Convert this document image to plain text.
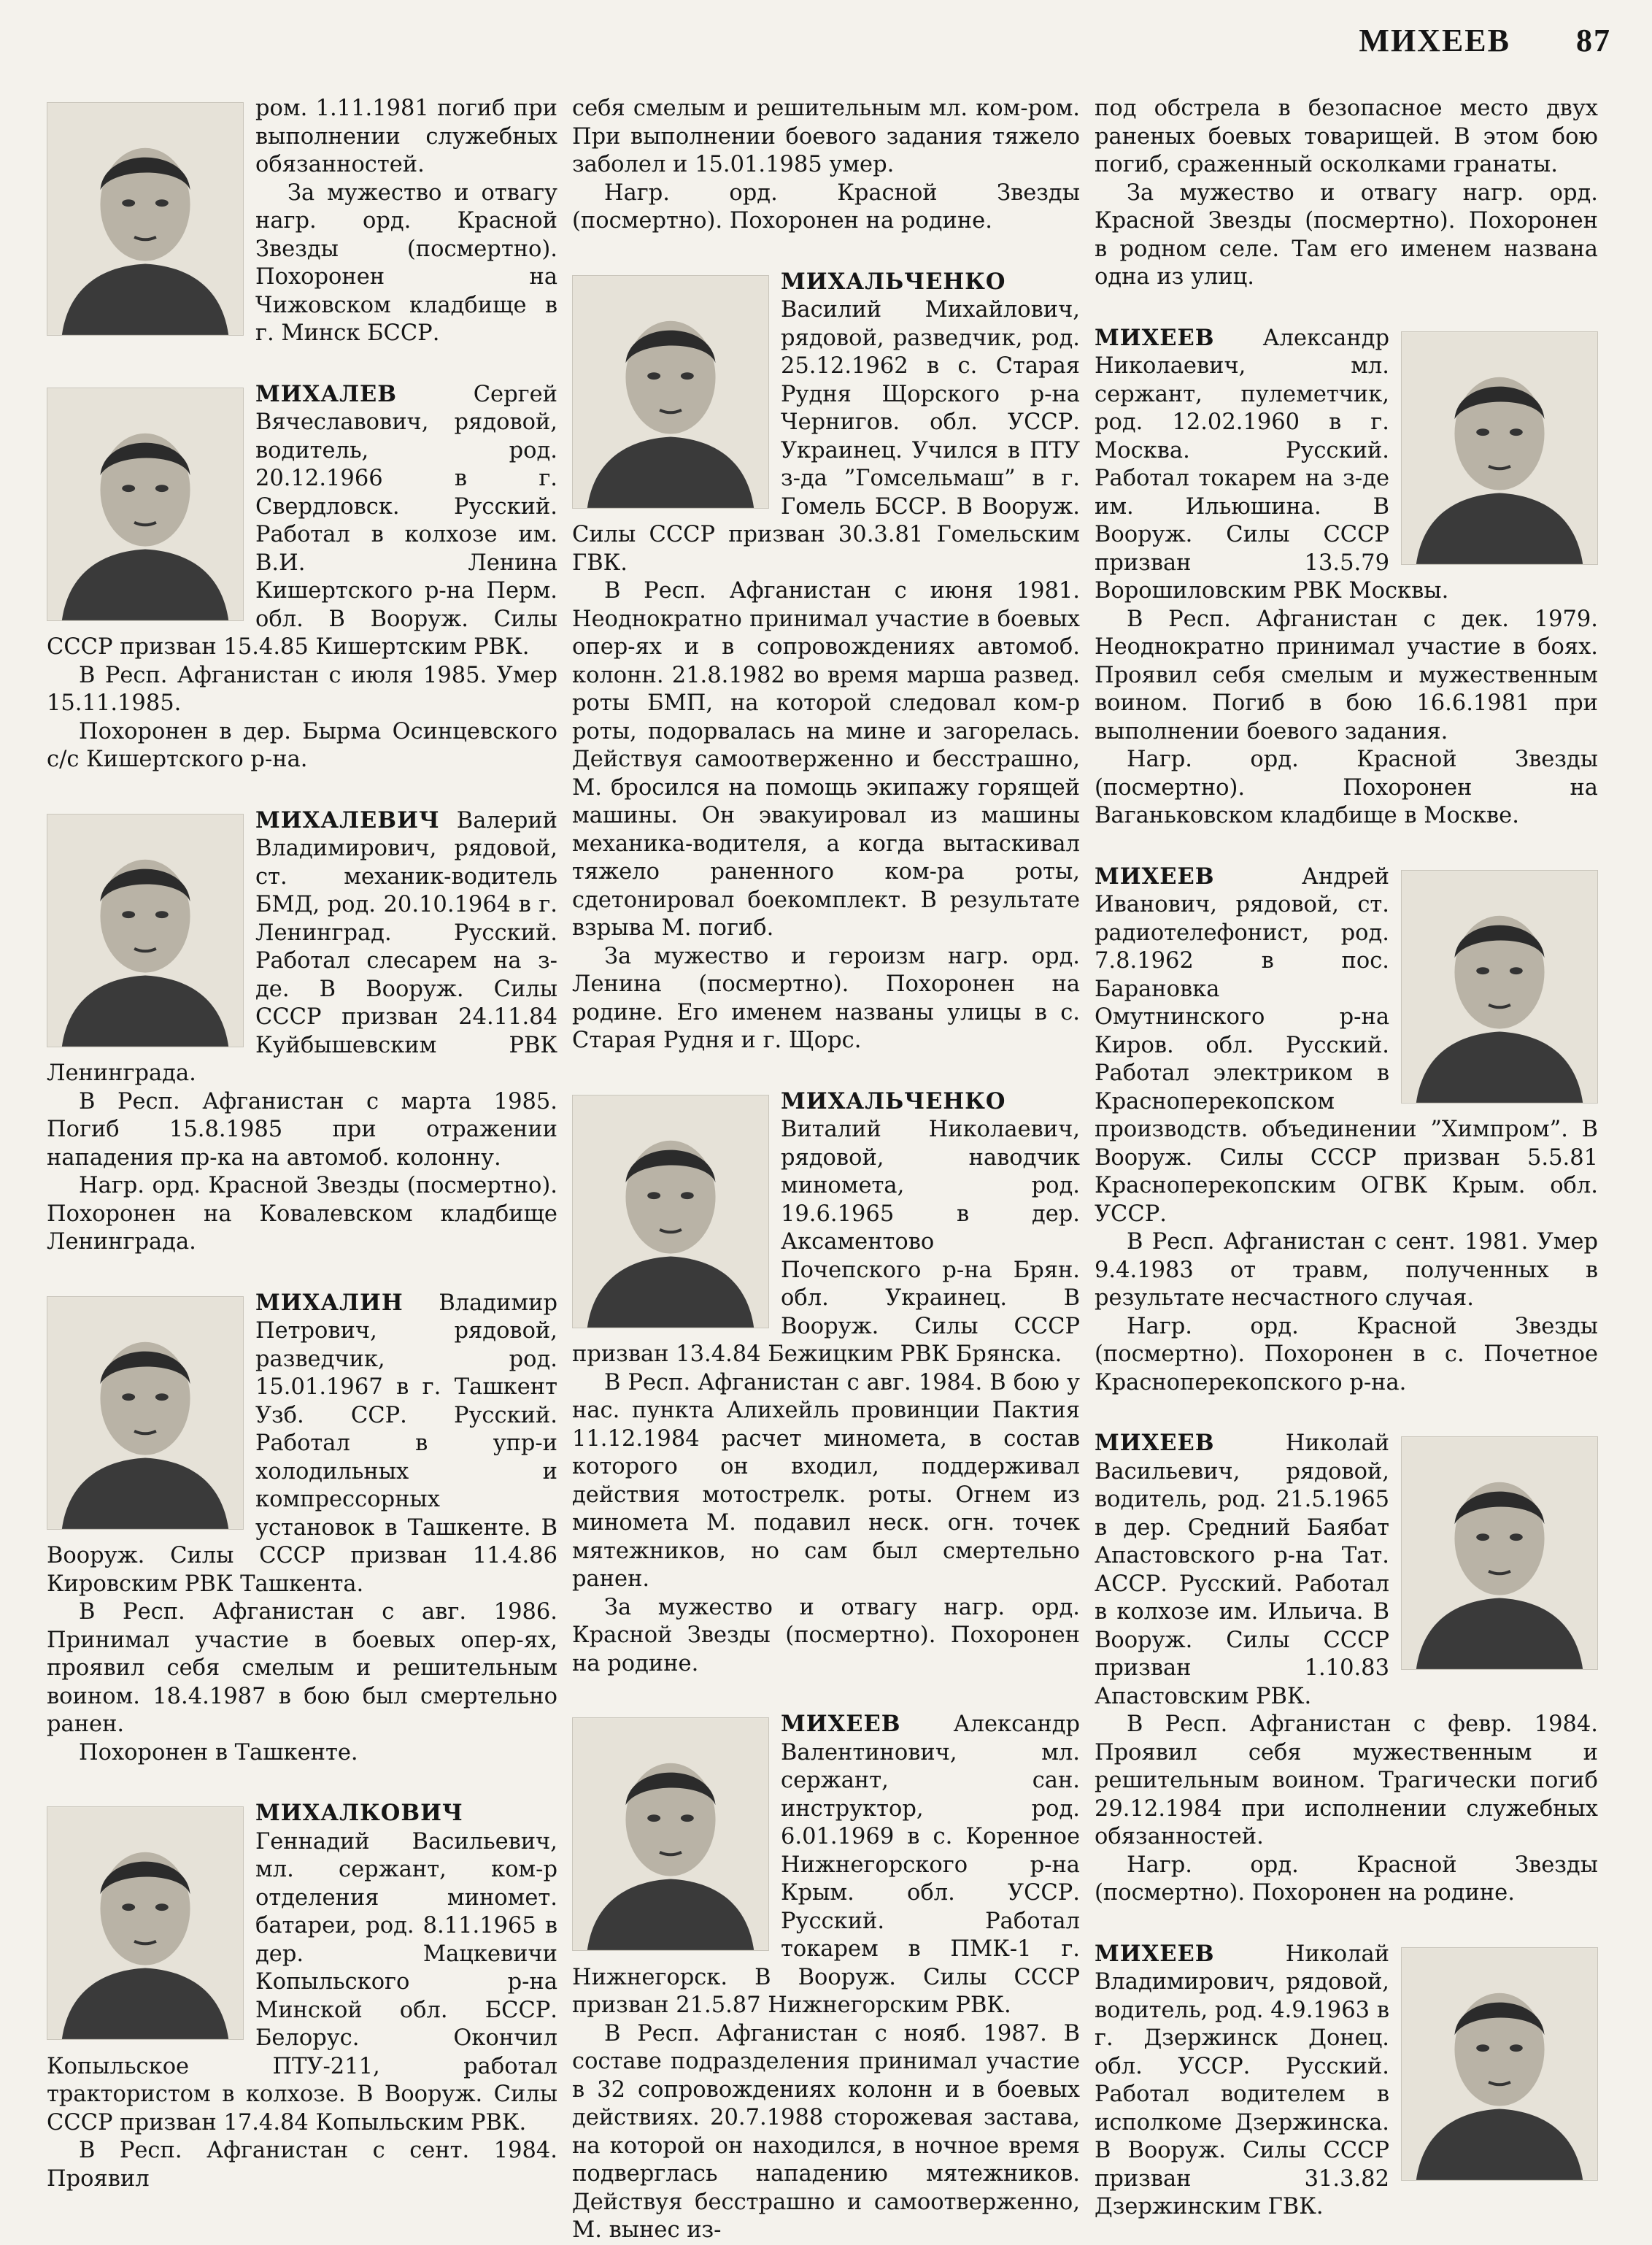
МИХЕЕВ 87

ром. 1.11.1981 погиб при выполнении служебных обязанностей.

За мужество и отвагу нагр. орд. Красной Звезды (посмертно). Похоронен на Чижовском кладбище в г. Минск БССР.

МИХАЛЕВ	Сергей Вячеславович, рядовой, водитель, род. 20.12.1966 в г. Свердловск. Русский. Работал в колхозе им. В.И. Ленина Кишертского р-на Перм. обл. В Вооруж. Силы СССР призван 15.4.85 Кишертским РВК.

В Респ. Афганистан с июля 1985. Умер 15.11.1985.

Похоронен в дер. Бырма Осинцевского с/с Кишертского р-на.

МИХАЛЕВИЧ Валерий Владимирович, рядовой, ст. механик-водитель БМД, род. 20.10.1964 в г. Ленинград. Русский. Работал слесарем на з-де. В Вооруж. Силы СССР призван 24.11.84 Куйбышевским РВК Ленинграда.

В Респ. Афганистан с марта 1985. Погиб 15.8.1985 при отражении нападения пр-ка на автомоб. колонну.

Нагр. орд. Красной Звезды (посмертно). Похоронен на Ковалевском кладбище Ленинграда.

МИХАЛИН Владимир Петрович, рядовой, разведчик, род. 15.01.1967 в г. Ташкент Узб. ССР. Русский. Работал в упр-и холодильных и компрессорных установок в Ташкенте. В Вооруж. Силы СССР призван 11.4.86 Кировским РВК Ташкента.

В Респ. Афганистан с авг. 1986. Принимал участие в боевых опер-ях, проявил себя смелым и решительным воином. 18.4.1987 в бою был смертельно ранен.

Похоронен в Ташкенте.

МИХАЛКОВИЧ Геннадий Васильевич, мл. сержант, ком-р отделения миномет. батареи, род. 8.11.1965 в дер. Мацкевичи Копыльского р-на Минской обл. БССР. Белорус. Окончил Копыльское ПТУ-211, работал трактористом в колхозе. В Вооруж. Силы СССР призван 17.4.84 Копыльским РВК.

В Респ. Афганистан с сент. 1984. Проявил

себя смелым и решительным мл. ком-ром. При выполнении боевого задания тяжело заболел и 15.01.1985 умер.

Нагр. орд. Красной Звезды (посмертно). Похоронен на родине.

МИХАЛЬЧЕНКО Василий Михайлович, рядовой, разведчик, род. 25.12.1962 в с. Старая Рудня Щорского р-на Чернигов. обл. УССР. Украинец. Учился в ПТУ з-да ”Гомсельмаш” в г. Гомель БССР. В Вооруж. Силы СССР призван 30.3.81 Гомельским ГВК.

В Респ. Афганистан с июня 1981. Неоднократно принимал участие в боевых опер-ях и в сопровождениях автомоб. колонн. 21.8.1982 во время марша развед. роты БМП, на которой следовал ком-р роты, подорвалась на мине и загорелась. Действуя самоотверженно и бесстрашно, М. бросился на помощь экипажу горящей машины. Он эвакуировал из машины механика-водителя, а когда вытаскивал тяжело раненного ком-ра роты, сдетонировал боекомплект. В результате взрыва М. погиб.

За мужество и героизм нагр. орд. Ленина (посмертно). Похоронен на родине. Его именем названы улицы в с. Старая Рудня и г. Щорс.

МИХАЛЬЧЕНКО Виталий Николаевич, рядовой, наводчик миномета, род. 19.6.1965 в дер. Аксаментово Почепского р-на Брян. обл. Украинец. В Вооруж. Силы СССР призван 13.4.84 Бежицким РВК Брянска.

В Респ. Афганистан с авг. 1984. В бою у нас. пункта Алихейль провинции Пактия 11.12.1984 расчет миномета, в состав которого он входил, поддерживал действия мотострелк. роты. Огнем из миномета М. подавил неск. огн. точек мятежников, но сам был смертельно ранен.

За мужество и отвагу нагр. орд. Красной Звезды (посмертно). Похоронен на родине.

МИХЕЕВ Александр Валентинович, мл. сержант, сан. инструктор, род. 6.01.1969 в с. Коренное Нижнегорского р-на Крым. обл. УССР. Русский. Работал токарем в ПМК-1 г. Нижнегорск. В Вооруж. Силы СССР призван 21.5.87 Нижнегорским РВК.

В Респ. Афганистан с нояб. 1987. В составе подразделения принимал участие в 32 сопровождениях колонн и в боевых действиях. 20.7.1988 сторожевая застава, на которой он находился, в ночное время подверглась нападению мятежников. Действуя бесстрашно и самоотверженно, М. вынес из-

под обстрела в безопасное место двух раненых боевых товарищей. В этом бою погиб, сраженный осколками гранаты.

За мужество и отвагу нагр. орд. Красной Звезды (посмертно). Похоронен в родном селе. Там его именем названа одна из улиц.

МИХЕЕВ Александр Николаевич, мл. сержант, пулеметчик, род. 12.02.1960 в г. Москва. Русский. Работал токарем на з-де им. Ильюшина. В Вооруж. Силы СССР призван 13.5.79 Ворошиловским РВК Москвы.

В Респ. Афганистан с дек. 1979. Неоднократно принимал участие в боях. Проявил себя смелым и мужественным воином. Погиб в бою 16.6.1981 при выполнении боевого задания.

Нагр. орд. Красной Звезды (посмертно). Похоронен на Ваганьковском кладбище в Москве.

МИХЕЕВ	Андрей Иванович, рядовой, ст. радиотелефонист, род. 7.8.1962 в пос. Барановка Омутнинского р-на Киров. обл. Русский. Работал электриком в Красноперекопском производств. объединении ”Химпром”. В Вооруж. Силы СССР призван 5.5.81 Красноперекопским ОГВК Крым. обл. УССР.

В Респ. Афганистан с сент. 1981. Умер 9.4.1983 от травм, полученных в результате несчастного случая.

Нагр. орд. Красной Звезды (посмертно). Похоронен в с. Почетное Красноперекопского р-на.

МИХЕЕВ	Николай Васильевич, рядовой, водитель, род. 21.5.1965 в дер. Средний Баябат Апастовского р-на Тат. АССР. Русский. Работал в колхозе им. Ильича. В Вооруж. Силы СССР призван 1.10.83 Апастовским РВК.

В Респ. Афганистан с февр. 1984. Проявил себя мужественным и решительным воином. Трагически погиб 29.12.1984 при исполнении служебных обязанностей.

Нагр. орд. Красной Звезды (посмертно). Похоронен на родине.

МИХЕЕВ	Николай Владимирович, рядовой, водитель, род. 4.9.1963 в г. Дзержинск Донец. обл. УССР. Русский. Работал водителем в исполкоме Дзержинска. В Вооруж. Силы СССР призван 31.3.82 Дзержинским ГВК.
